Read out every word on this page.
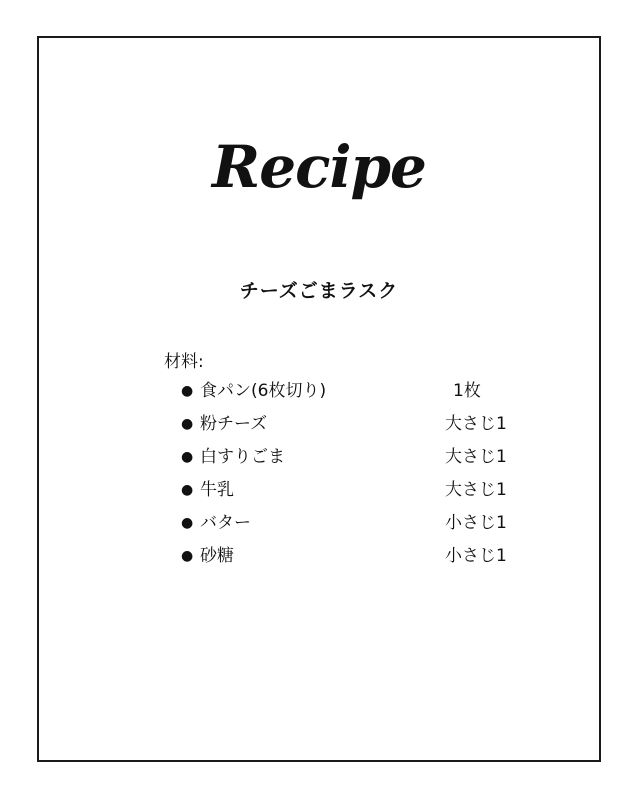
Recipe
チーズごまラスク
材料:
● 食パン(6枚切り)	1枚
● 粉チーズ	大さじ1
● 白すりごま	大さじ1
● 牛乳	大さじ1
● バター	小さじ1
● 砂糖	小さじ1
